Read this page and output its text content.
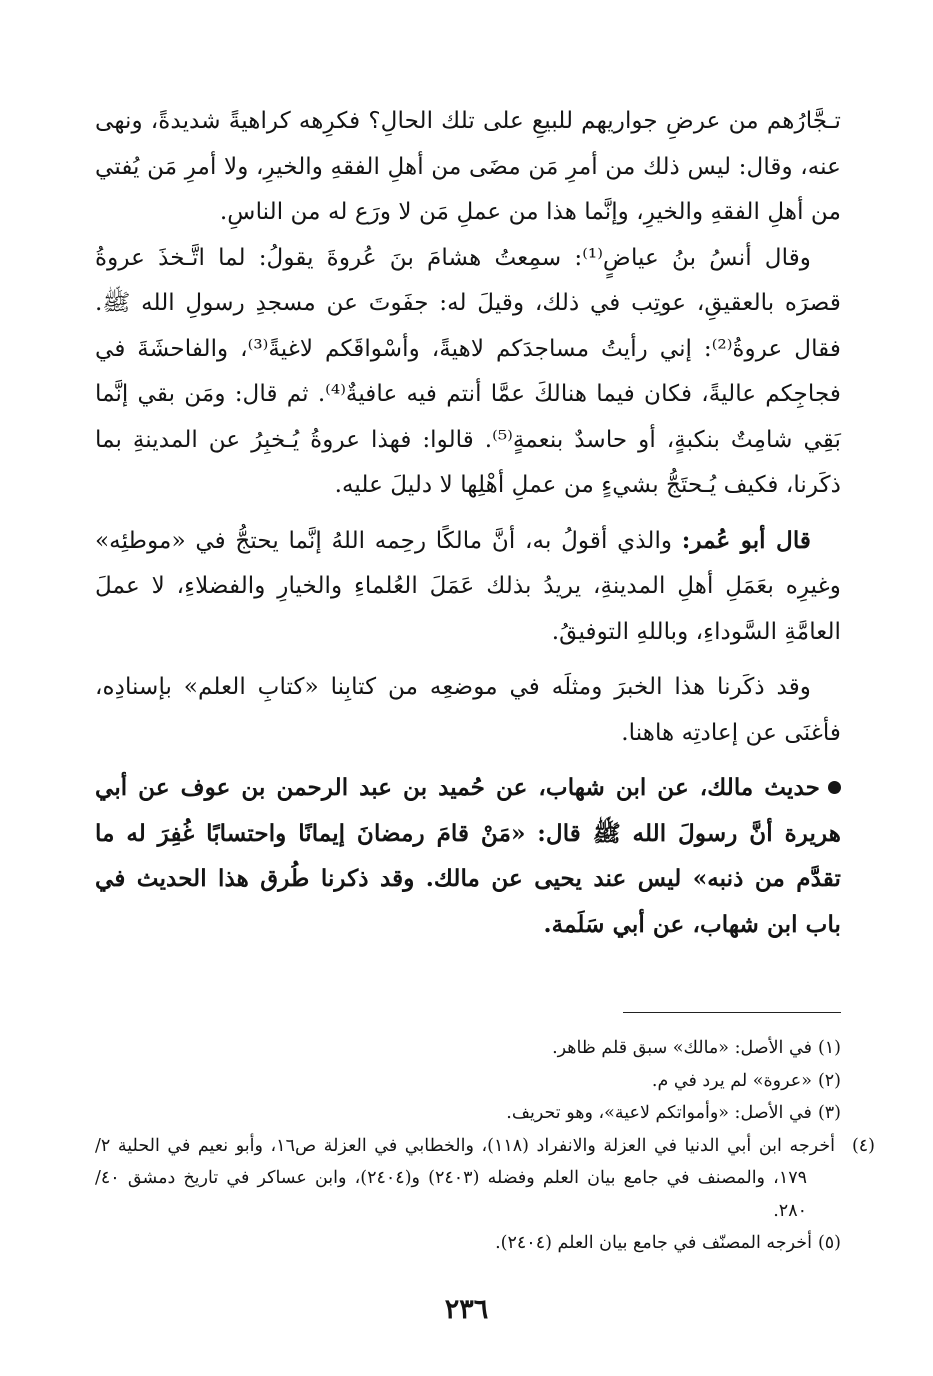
تـجَّارُهم من عرضِ جواريهم للبيعِ على تلك الحالِ؟ فكرِهه كراهيةً شديدةً، ونهى عنه، وقال: ليس ذلك من أمرِ مَن مضَى من أهلِ الفقهِ والخيرِ، ولا أمرِ مَن يُفتي من أهلِ الفقهِ والخيرِ، وإنَّما هذا من عملِ مَن لا ورَع له من الناسِ.

وقال أنسُ بنُ عياضٍ⁽¹⁾: سمِعتُ هشامَ بنَ عُروةَ يقولُ: لما اتَّـخذَ عروةُ قصرَه بالعقيقِ، عوتِب في ذلك، وقيلَ له: جفَوتَ عن مسجدِ رسولِ الله ﷺ. فقال عروةُ⁽²⁾: إني رأيتُ مساجدَكم لاهيةً، وأسْواقَكم لاغيةً⁽³⁾، والفاحشَةَ في فجاجِكم عاليةً، فكان فيما هنالكَ عمَّا أنتم فيه عافيةٌ⁽⁴⁾. ثم قال: ومَن بقي إنَّما بَقِي شامِتٌ بنكبةٍ، أو حاسدٌ بنعمةٍ⁽⁵⁾. قالوا: فهذا عروةُ يُـخبِرُ عن المدينةِ بما ذكَرنا، فكيف يُـحتَجُّ بشيءٍ من عملِ أهْلِها لا دليلَ عليه.

قال أبو عُمر: والذي أقولُ به، أنَّ مالكًا رحِمه اللهُ إنَّما يحتجُّ في «موطئِه» وغيرِه بعَمَلِ أهلِ المدينةِ، يريدُ بذلك عَمَلَ العُلماءِ والخيارِ والفضلاءِ، لا عملَ العامَّةِ السَّوداءِ، وباللهِ التوفيقُ.

وقد ذكَرنا هذا الخبرَ ومثلَه في موضعِه من كتابِنا «كتابِ العلم» بإسنادِه، فأغنَى عن إعادتِه هاهنا.

حديث مالك، عن ابن شهاب، عن حُميد بن عبد الرحمن بن عوف عن أبي هريرة أنَّ رسولَ الله ﷺ قال: «مَنْ قامَ رمضانَ إيمانًا واحتسابًا غُفِرَ له ما تقدَّم من ذنبه» ليس عند يحيى عن مالك. وقد ذكرنا طُرق هذا الحديث في باب ابن شهاب، عن أبي سَلَمة.

(١)في الأصل: «مالك» سبق قلم ظاهر.

(٢)«عروة» لم يرد في م.

(٣)في الأصل: «وأمواتكم لاعية»، وهو تحريف.

(٤)أخرجه ابن أبي الدنيا في العزلة والانفراد (١١٨)، والخطابي في العزلة ص١٦، وأبو نعيم في الحلية ٢/ ١٧٩، والمصنف في جامع بيان العلم وفضله (٢٤٠٣) و(٢٤٠٤)، وابن عساكر في تاريخ دمشق ٤٠/ ٢٨٠.

(٥)أخرجه المصنّف في جامع بيان العلم (٢٤٠٤).

٢٣٦
